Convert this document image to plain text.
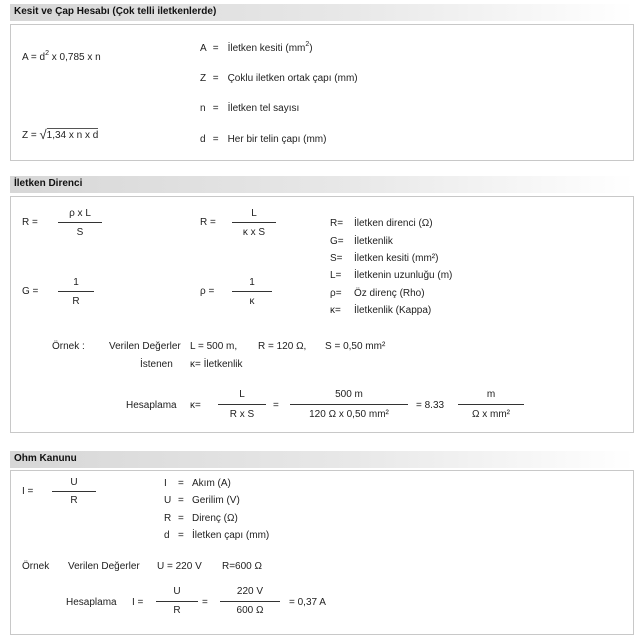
Kesit ve Çap Hesabı (Çok telli iletkenlerde)
$A = d^2$ x 0,785 x n
Z = √1,34 x n x d
A = İletken kesiti $(mm^2)$
Z = Çoklu iletken ortak çapı (mm)
n = İletken tel sayısı
d = Her bir telin çapı (mm)
İletken Direnci
R =
ρ x L
S
R =
L
κ x S
G =
1
R
ρ =
1
κ
R= İletken direnci (Ω)
G= İletkenlik
S= İletken kesiti (mm²)
L= İletkenin uzunluğu (m)
ρ= Öz direnç (Rho)
κ= İletkenlik (Kappa)
Örnek : Verilen Değerler L = 500 m, R = 120 Ω, S = 0,50 mm²
İstenen κ= İletkenlik
Hesaplama κ=
L
R x S
=
500 m
120 Ω x 0,50 mm²
= 8.33
m
Ω x mm²
Ohm Kanunu
I =
U
R
I = Akım (A)
U = Gerilim (V)
R = Direnç (Ω)
d = İletken çapı (mm)
Örnek Verilen Değerler U = 220 V R=600 Ω
Hesaplama I =
U
R
=
220 V
600 Ω
= 0,37 A
